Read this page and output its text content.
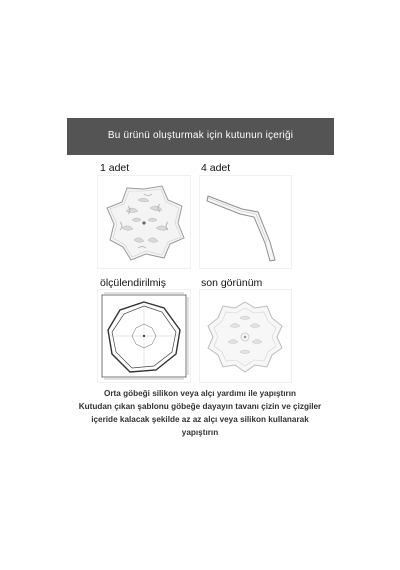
Bu ürünü oluşturmak için kutunun içeriği
1 adet	4 adet
ölçülendirilmiş	son görünüm

Orta göbeği silikon veya alçı yardımı ile yapıştırın

Kutudan çıkan şablonu göbeğe dayayın tavanı çizin ve çizgiler

içeride kalacak şekilde az az alçı veya silikon kullanarak

yapıştırın
